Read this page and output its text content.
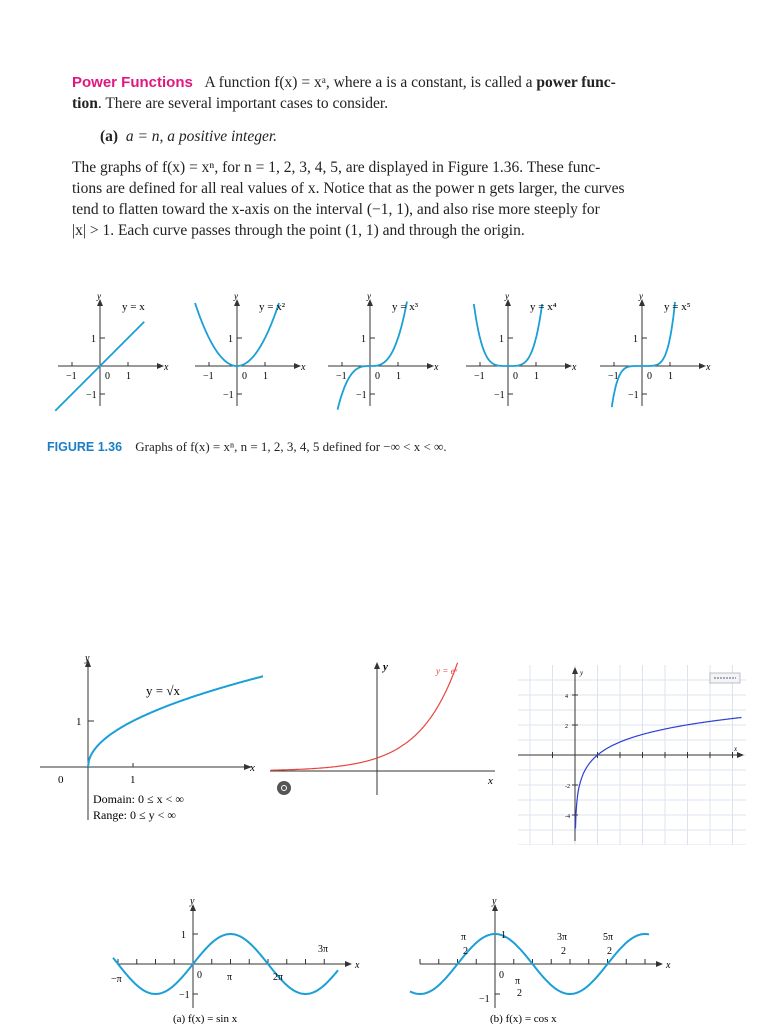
Power Functions A function f(x) = xᵃ, where a is a constant, is called a power func-
tion. There are several important cases to consider.

(a) a = n, a positive integer.

The graphs of f(x) = xⁿ, for n = 1, 2, 3, 4, 5, are displayed in Figure 1.36. These func-

tions are defined for all real values of x. Notice that as the power n gets larger, the curves

tend to flatten toward the x-axis on the interval (−1, 1), and also rise more steeply for

|x| > 1. Each curve passes through the point (1, 1) and through the origin.

x
y
−1	0 1
1
−1
y = x
x
y
−1	0 1
1
−1
y = x²
x
y
−1	0 1
1
−1
y = x³
x
y
−1	0 1
1
−1
y = x⁴
x
y
−1	0 1
1
−1
y = x⁵
FIGURE 1.36 Graphs of f(x) = xⁿ, n = 1, 2, 3, 4, 5 defined for −∞ < x < ∞.
y
x
1
1
0
y = √x
Domain: 0 ≤ x < ∞
Range: 0 ≤ y < ∞
y
x
y = eˣ	y
x
4
2
-2
-4
y
x
1
−1
0
−π	π	2π
3π
(a) f(x) = sin x
y
x
1
−1
0
π
2
π
2
3π
2
5π
2
(b) f(x) = cos x
